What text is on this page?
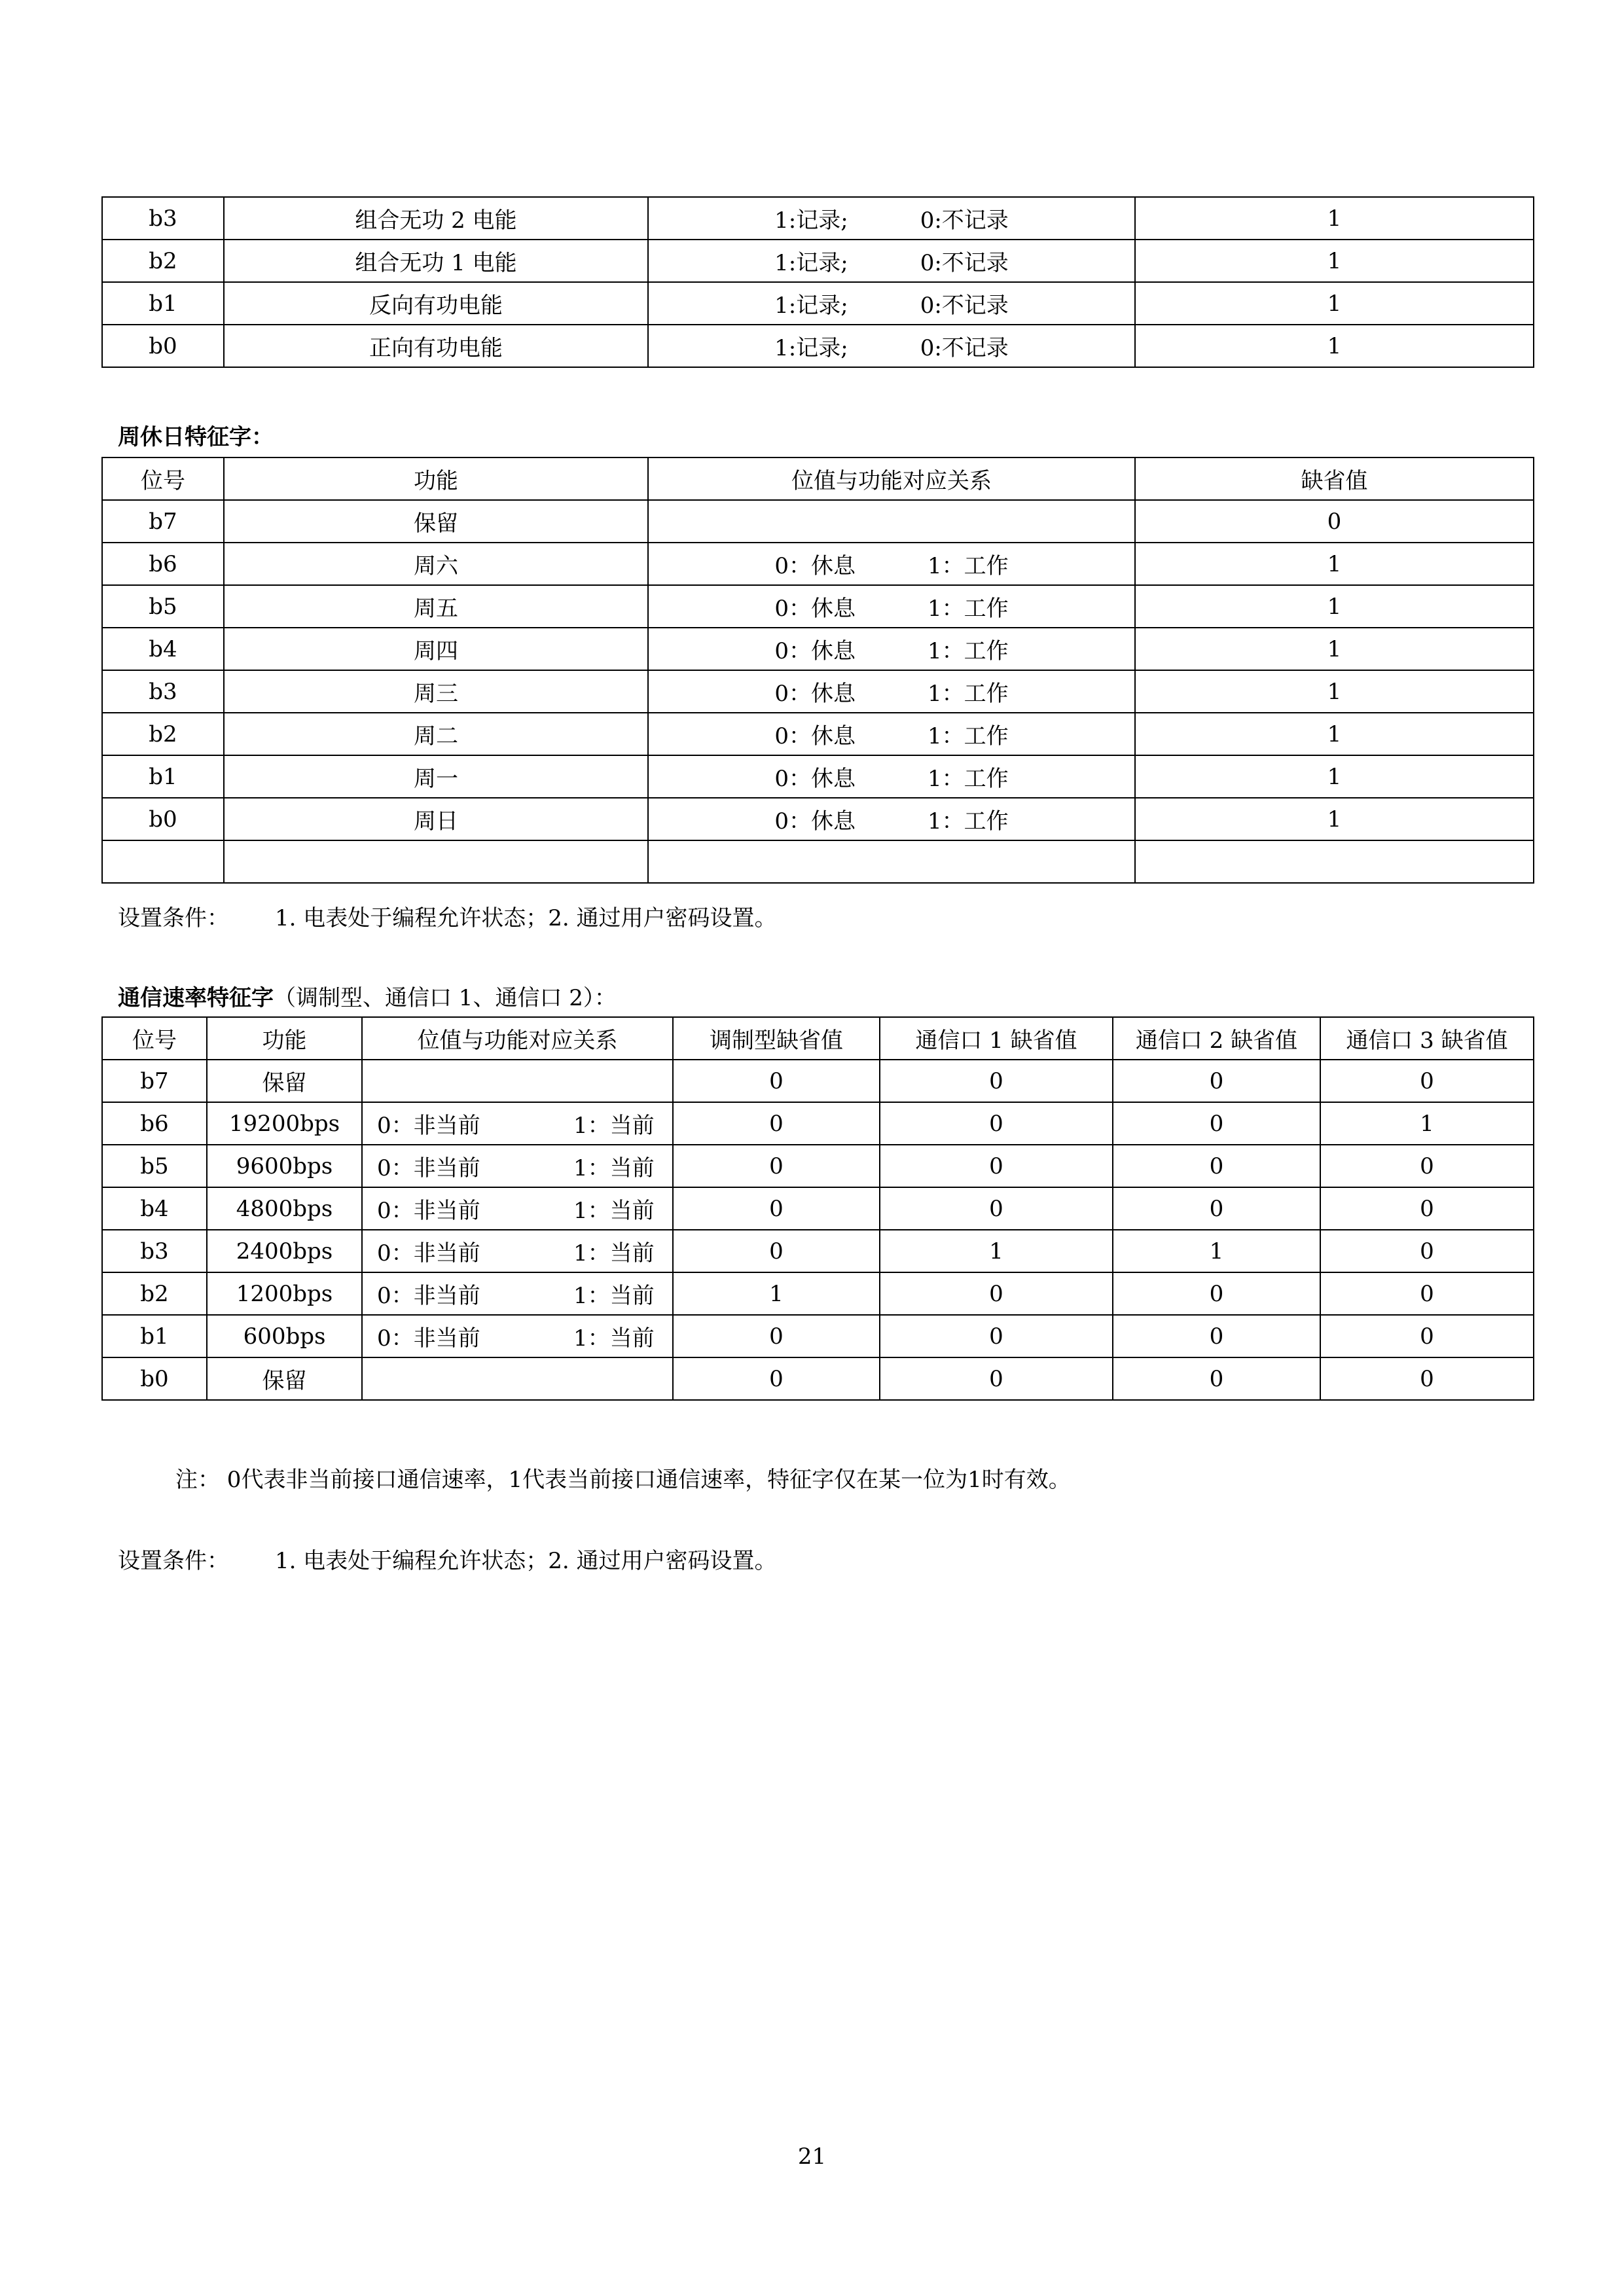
b3	组合无功 2 电能	1:记录; 0:不记录	1
b2	组合无功 1 电能	1:记录; 0:不记录	1
b1	反向有功电能	1:记录; 0:不记录	1
b0	正向有功电能	1:记录; 0:不记录	1
周休日特征字：
位号	功能	位值与功能对应关系	缺省值
b7	保留		0
b6	周六	0：休息 1：工作	1
b5	周五	0：休息 1：工作	1
b4	周四	0：休息 1：工作	1
b3	周三	0：休息 1：工作	1
b2	周二	0：休息 1：工作	1
b1	周一	0：休息 1：工作	1
b0	周日	0：休息 1：工作	1

设置条件： 1. 电表处于编程允许状态；2. 通过用户密码设置。
通信速率特征字（调制型、通信口 1、通信口 2）：
位号	功能	位值与功能对应关系	调制型缺省值	通信口 1 缺省值	通信口 2 缺省值	通信口 3 缺省值
b7	保留		0	0	0	0
b6	19200bps	0：非当前 1：当前	0	0	0	1
b5	9600bps	0：非当前 1：当前	0	0	0	0
b4	4800bps	0：非当前 1：当前	0	0	0	0
b3	2400bps	0：非当前 1：当前	0	1	1	0
b2	1200bps	0：非当前 1：当前	1	0	0	0
b1	600bps	0：非当前 1：当前	0	0	0	0
b0	保留		0	0	0	0
注： 0代表非当前接口通信速率，1代表当前接口通信速率，特征字仅在某一位为1时有效。
设置条件： 1. 电表处于编程允许状态；2. 通过用户密码设置。
21
